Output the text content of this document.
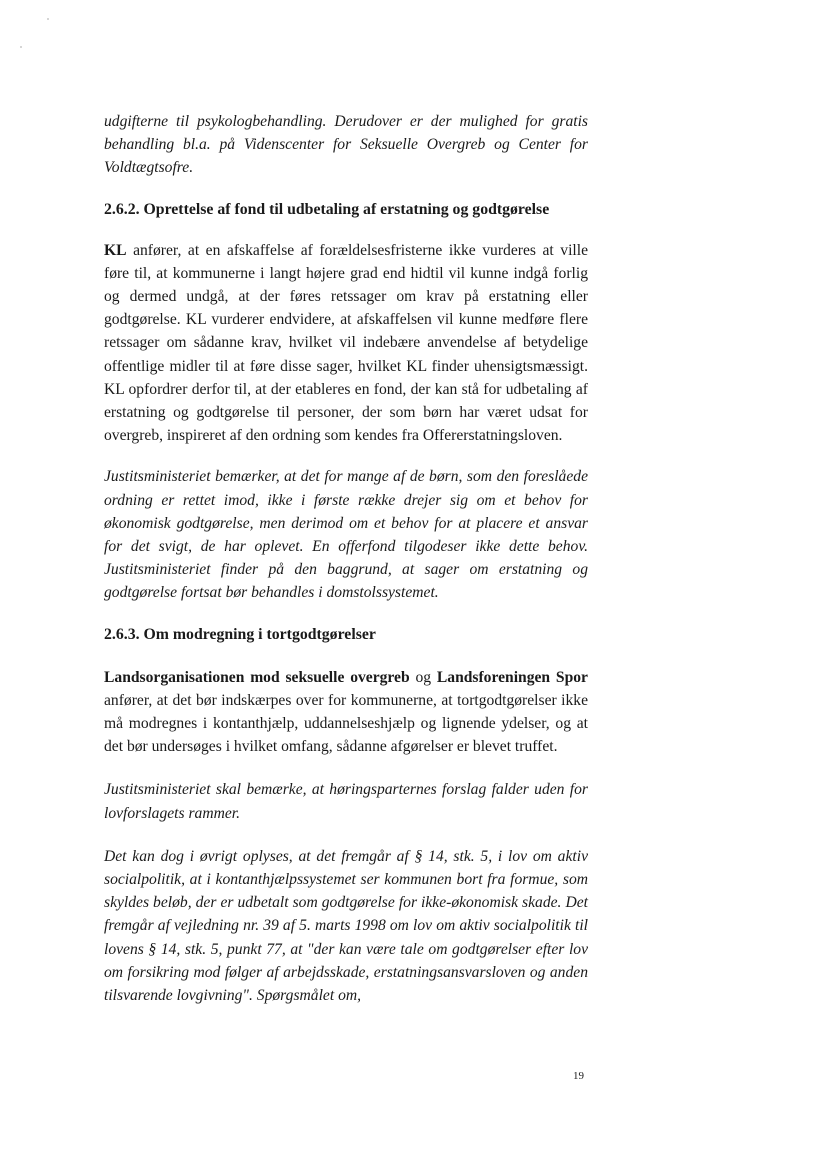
udgifterne til psykologbehandling. Derudover er der mulighed for gratis behandling bl.a. på Videnscenter for Seksuelle Overgreb og Center for Voldtægtsofre.

2.6.2. Oprettelse af fond til udbetaling af erstatning og godtgørelse

KL anfører, at en afskaffelse af forældelsesfristerne ikke vurderes at ville føre til, at kommunerne i langt højere grad end hidtil vil kunne indgå forlig og dermed undgå, at der føres retssager om krav på erstatning eller godtgørelse. KL vurderer endvidere, at afskaffelsen vil kunne medføre flere retssager om sådanne krav, hvilket vil indebære anvendelse af betydelige offentlige midler til at føre disse sager, hvilket KL finder uhensigtsmæssigt. KL opfordrer derfor til, at der etableres en fond, der kan stå for udbetaling af erstatning og godtgørelse til personer, der som børn har været udsat for overgreb, inspireret af den ordning som kendes fra Offererstatningsloven.

Justitsministeriet bemærker, at det for mange af de børn, som den foreslåede ordning er rettet imod, ikke i første række drejer sig om et behov for økonomisk godtgørelse, men derimod om et behov for at placere et ansvar for det svigt, de har oplevet. En offerfond tilgodeser ikke dette behov. Justitsministeriet finder på den baggrund, at sager om erstatning og godtgørelse fortsat bør behandles i domstolssystemet.

2.6.3. Om modregning i tortgodtgørelser

Landsorganisationen mod seksuelle overgreb og Landsforeningen Spor anfører, at det bør indskærpes over for kommunerne, at tortgodtgørelser ikke må modregnes i kontanthjælp, uddannelseshjælp og lignende ydelser, og at det bør undersøges i hvilket omfang, sådanne afgørelser er blevet truffet.

Justitsministeriet skal bemærke, at høringsparternes forslag falder uden for lovforslagets rammer.

Det kan dog i øvrigt oplyses, at det fremgår af § 14, stk. 5, i lov om aktiv socialpolitik, at i kontanthjælpssystemet ser kommunen bort fra formue, som skyldes beløb, der er udbetalt som godtgørelse for ikke-økonomisk skade. Det fremgår af vejledning nr. 39 af 5. marts 1998 om lov om aktiv socialpolitik til lovens § 14, stk. 5, punkt 77, at "der kan være tale om godtgørelser efter lov om forsikring mod følger af arbejdsskade, erstatningsansvarsloven og anden tilsvarende lovgivning". Spørgsmålet om,

19
